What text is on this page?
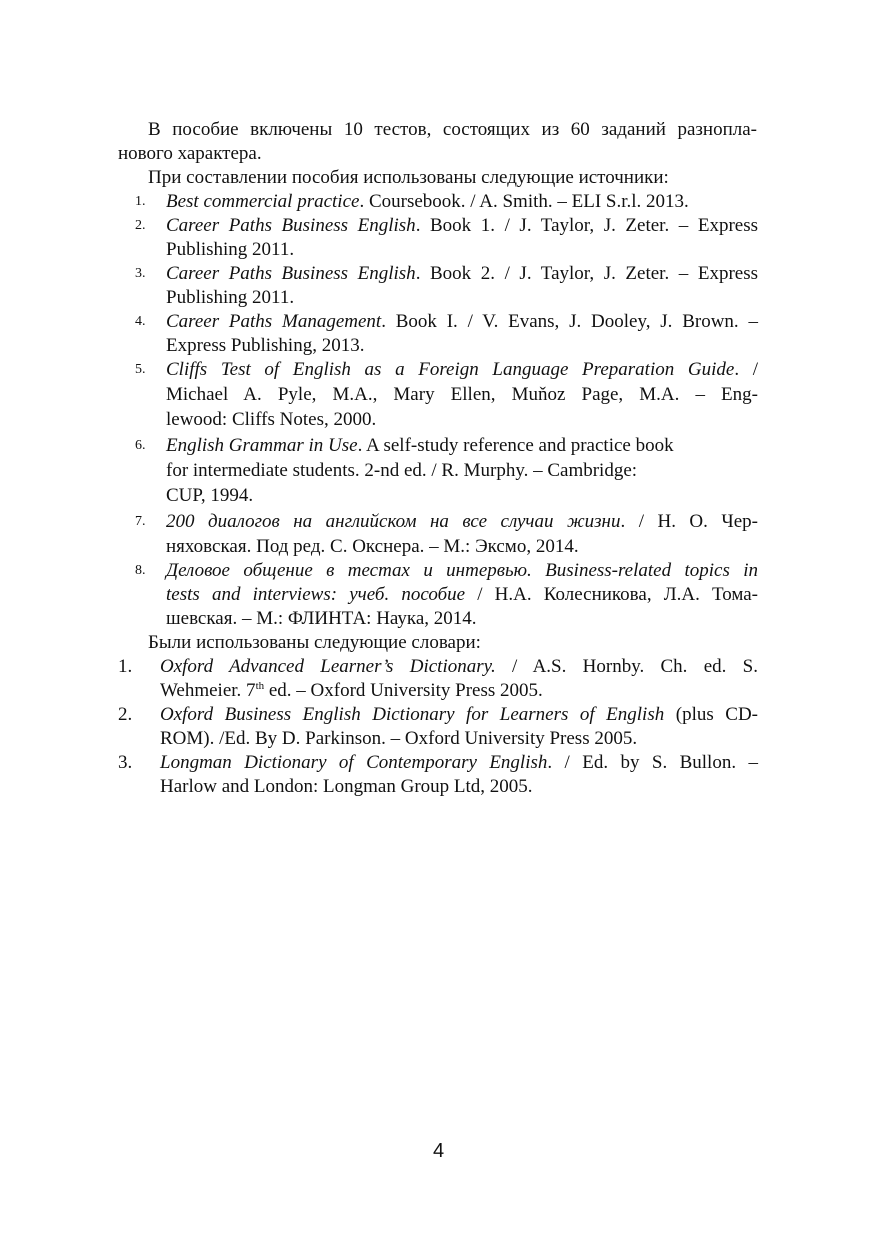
В пособие включены 10 тестов, состоящих из 60 заданий разнопла-
нового характера.
При составлении пособия использованы следующие источники:
1. Best commercial practice. Coursebook. / A. Smith. – ELI S.r.l. 2013.
2. Career Paths Business English. Book 1. / J. Taylor, J. Zeter. – Express
Publishing 2011.
3. Career Paths Business English. Book 2. / J. Taylor, J. Zeter. – Express
Publishing 2011.
4. Career Paths Management. Book I. / V. Evans, J. Dooley, J. Brown. –
Express Publishing, 2013.
5. Cliffs Test of English as a Foreign Language Preparation Guide. /
Michael A. Pyle, M.A., Mary Ellen, Muňoz Page, M.A. – Eng-
lewood: Cliffs Notes, 2000.
6. English Grammar in Use. A self-study reference and practice book
for intermediate students. 2-nd ed. / R. Murphy. – Cambridge:
CUP, 1994.
7. 200 диалогов на английском на все случаи жизни. / Н. О. Чер-
няховская. Под ред. С. Окснера. – М.: Эксмо, 2014.
8. Деловое общение в тестах и интервью. Business-related topics in
tests and interviews: учеб. пособие / Н.А. Колесникова, Л.А. Тома-
шевская. – М.: ФЛИНТА: Наука, 2014.
Были использованы следующие словари:
1. Oxford Advanced Learner’s Dictionary. / A.S. Hornby. Ch. ed. S.
Wehmeier. 7th ed. – Oxford University Press 2005.
2. Oxford Business English Dictionary for Learners of English (plus CD-
ROM). /Ed. By D. Parkinson. – Oxford University Press 2005.
3. Longman Dictionary of Contemporary English. / Ed. by S. Bullon. –
Harlow and London: Longman Group Ltd, 2005.
4
